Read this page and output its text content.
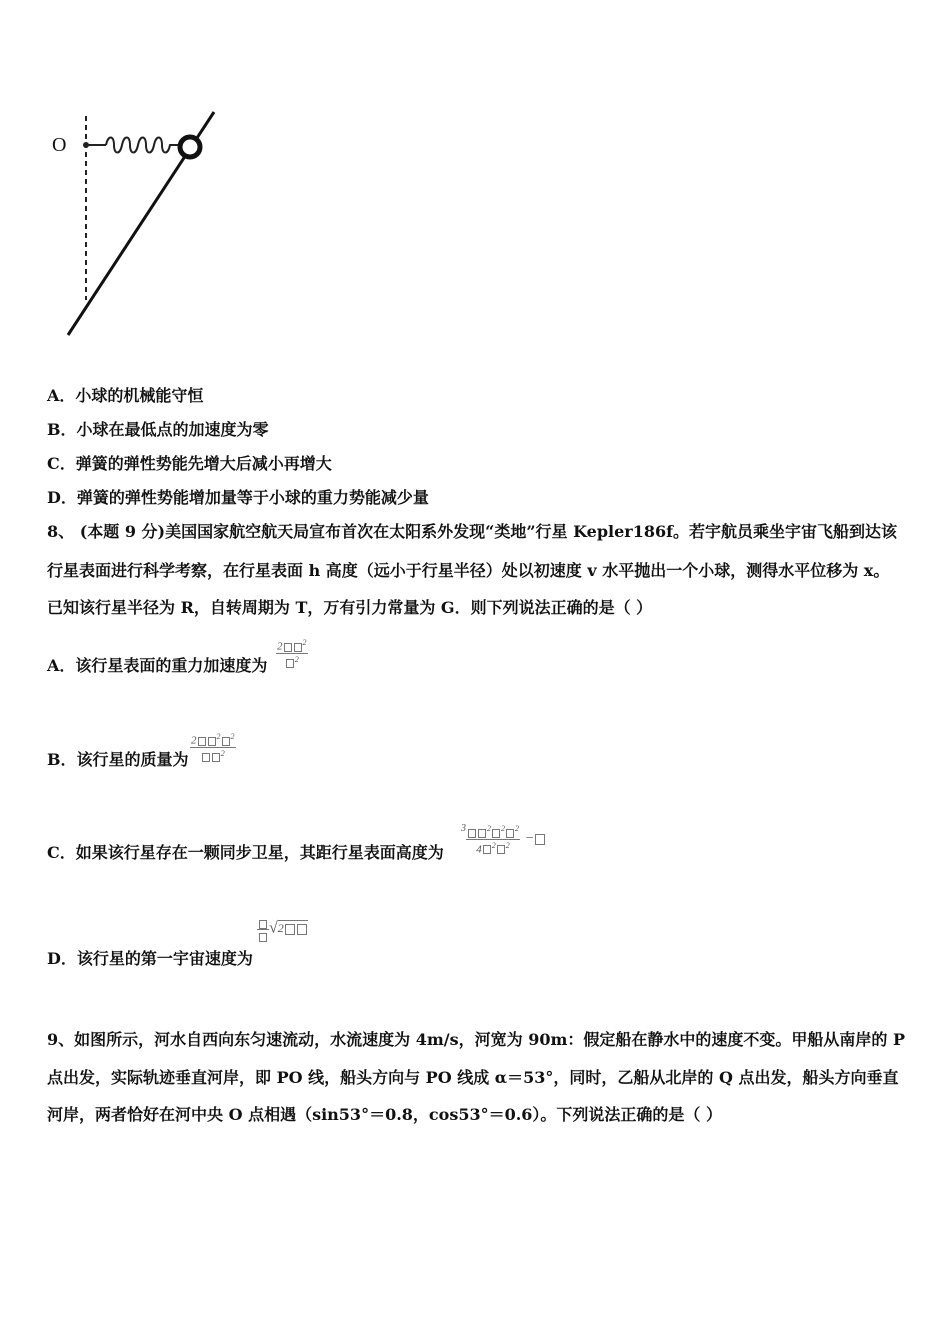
O
A．小球的机械能守恒
B．小球在最低点的加速度为零
C．弹簧的弹性势能先增大后减小再增大
D．弹簧的弹性势能增加量等于小球的重力势能减少量
8、 (本题 9 分)美国国家航空航天局宣布首次在太阳系外发现“类地”行星 Kepler186f。若宇航员乘坐宇宙飞船到达该
行星表面进行科学考察，在行星表面 h 高度（远小于行星半径）处以初速度 v 水平抛出一个小球，测得水平位移为 x。
已知该行星半径为 R，自转周期为 T，万有引力常量为 G．则下列说法正确的是（ ）
A．该行星表面的重力加速度为 2	$^2$
$^2$
B．该行星的质量为 2	$^2$ $^2$
$^2$
C．如果该行星存在一颗同步卫星，其距行星表面高度为
$3 \frac{^2 ^2 ^2}{4 ^2 ^2}$ −
D．该行星的第一宇宙速度为
√2
9、如图所示，河水自西向东匀速流动，水流速度为 4m/s，河宽为 90m：假定船在静水中的速度不变。甲船从南岸的 P
点出发，实际轨迹垂直河岸，即 PO 线，船头方向与 PO 线成 α＝53°，同时，乙船从北岸的 Q 点出发，船头方向垂直
河岸，两者恰好在河中央 O 点相遇（sin53°＝0.8，cos53°＝0.6）。下列说法正确的是（ ）
